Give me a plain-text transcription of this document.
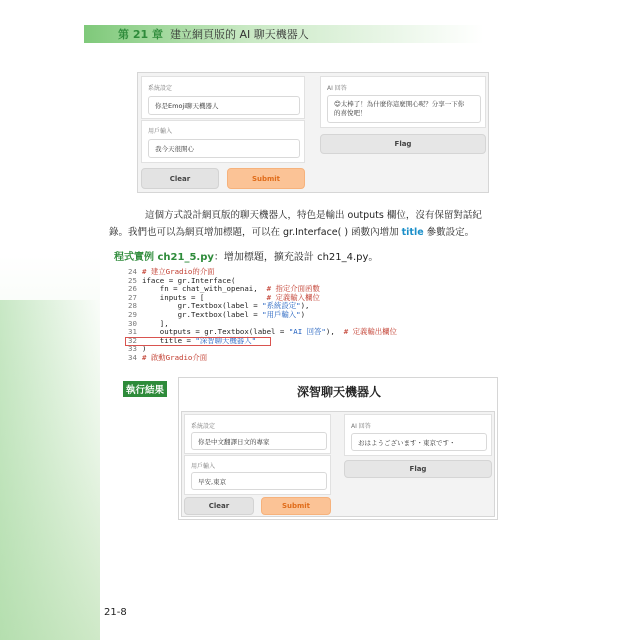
第 21 章 建立網頁版的 AI 聊天機器人
系統設定
你是Emoji聊天機器人
用戶輸入
我今天很開心
Clear	Submit
AI 回答
😊太棒了！為什麼你這麼開心呢？分享一下你
的喜悅吧！
Flag
這個方式設計網頁版的聊天機器人，特色是輸出 outputs 欄位，沒有保留對話紀
錄。我們也可以為網頁增加標題，可以在 gr.Interface( ) 函數內增加 title 參數設定。
程式實例 ch21_5.py：增加標題，擴充設計 ch21_4.py。
24 # 建立Gradio的介面
25 iface = gr.Interface(
26    fn = chat_with_openai,  # 指定介面函數
27    inputs = [              # 定義輸入欄位
28        gr.Textbox(label = "系統設定"),
29        gr.Textbox(label = "用戶輸入")
30    ],
31    outputs = gr.Textbox(label = "AI 回答"),  # 定義輸出欄位
32    title = "深智聊天機器人"
33 )
34 # 啟動Gradio介面
執行結果	深智聊天機器人
系統設定
你是中文翻譯日文的專家
用戶輸入
早安,東京
Clear	Submit
AI 回答
おはようございます・東京です・
Flag
21-8
